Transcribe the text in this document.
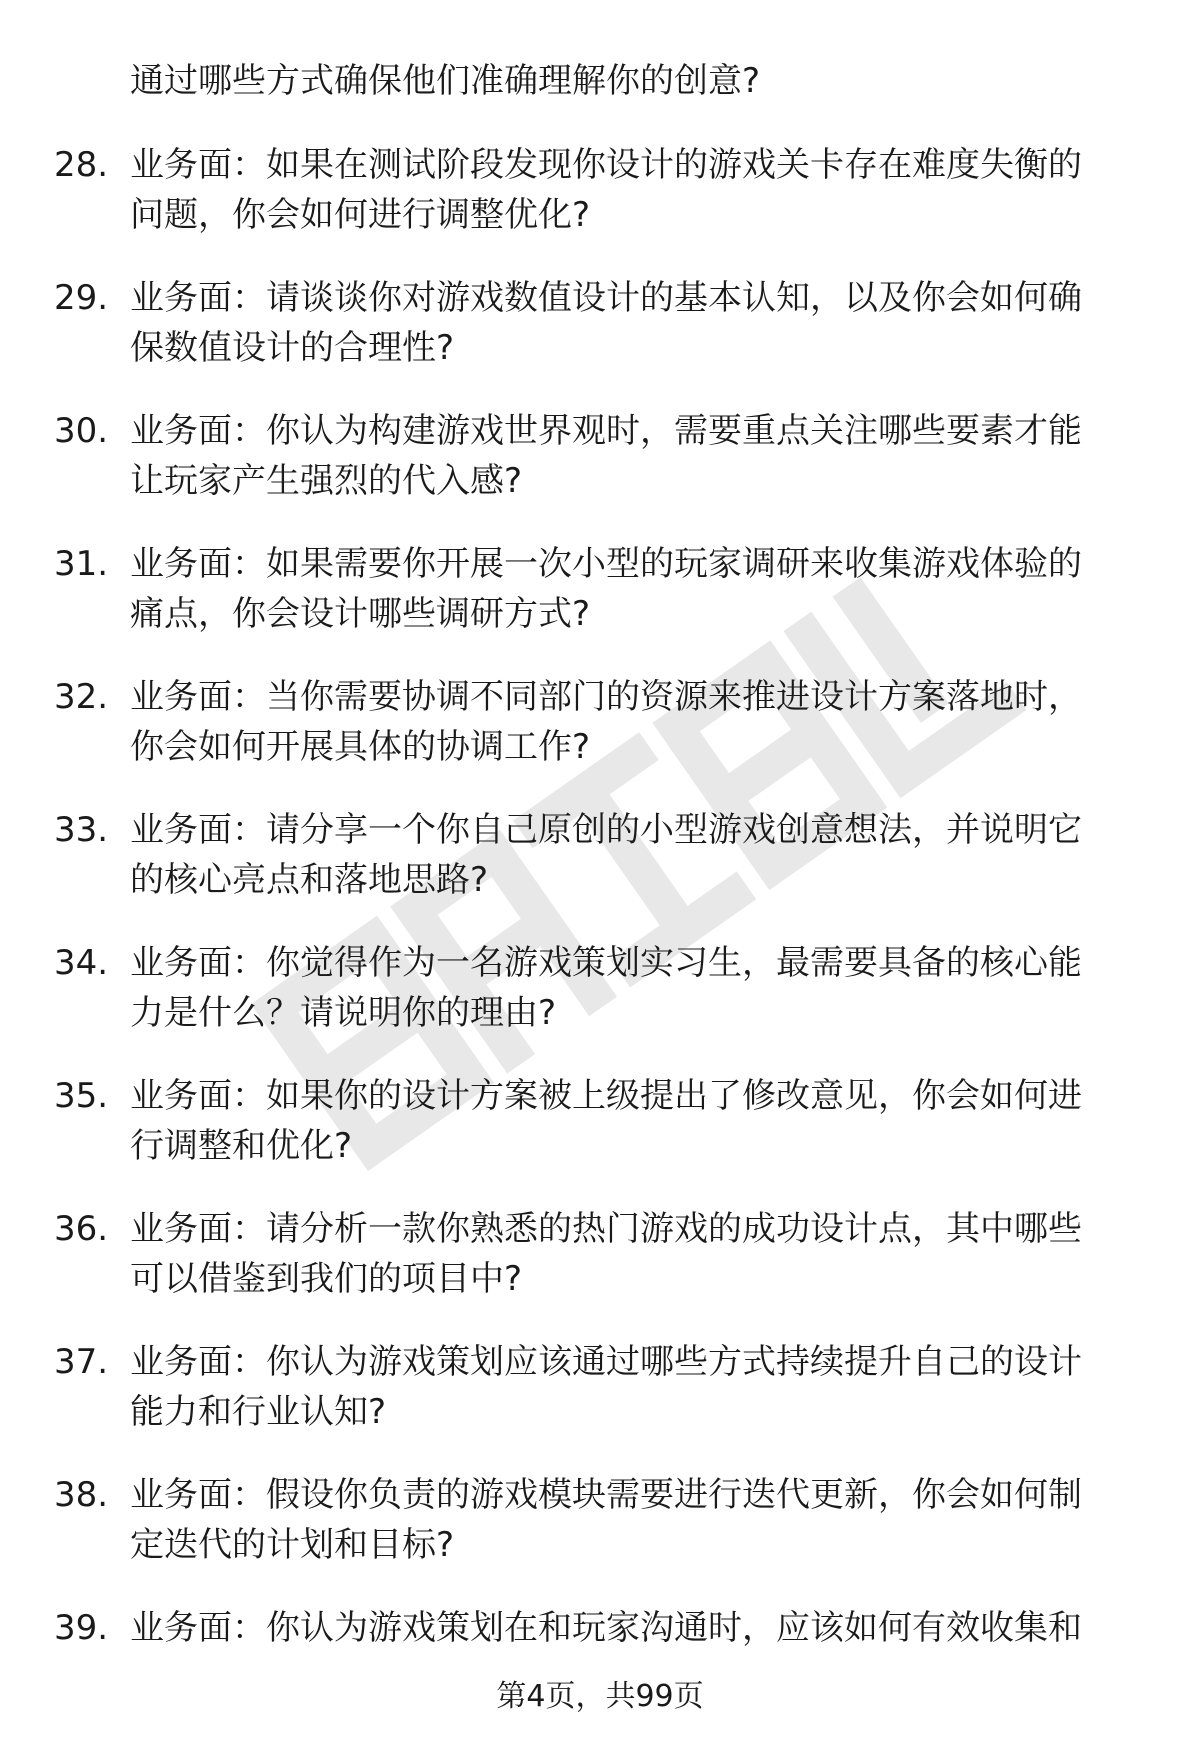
通过哪些方式确保他们准确理解你的创意?
28. 业务面：如果在测试阶段发现你设计的游戏关卡存在难度失衡的
问题，你会如何进行调整优化?
29. 业务面：请谈谈你对游戏数值设计的基本认知，以及你会如何确
保数值设计的合理性?
30. 业务面：你认为构建游戏世界观时，需要重点关注哪些要素才能
让玩家产生强烈的代入感?
31. 业务面：如果需要你开展一次小型的玩家调研来收集游戏体验的
痛点，你会设计哪些调研方式?
32. 业务面：当你需要协调不同部门的资源来推进设计方案落地时，
你会如何开展具体的协调工作?
33. 业务面：请分享一个你自己原创的小型游戏创意想法，并说明它
的核心亮点和落地思路?
34. 业务面：你觉得作为一名游戏策划实习生，最需要具备的核心能
力是什么？请说明你的理由?
35. 业务面：如果你的设计方案被上级提出了修改意见，你会如何进
行调整和优化?
36. 业务面：请分析一款你熟悉的热门游戏的成功设计点，其中哪些
可以借鉴到我们的项目中?
37. 业务面：你认为游戏策划应该通过哪些方式持续提升自己的设计
能力和行业认知?
38. 业务面：假设你负责的游戏模块需要进行迭代更新，你会如何制
定迭代的计划和目标?
39. 业务面：你认为游戏策划在和玩家沟通时，应该如何有效收集和
第4页，共99页
